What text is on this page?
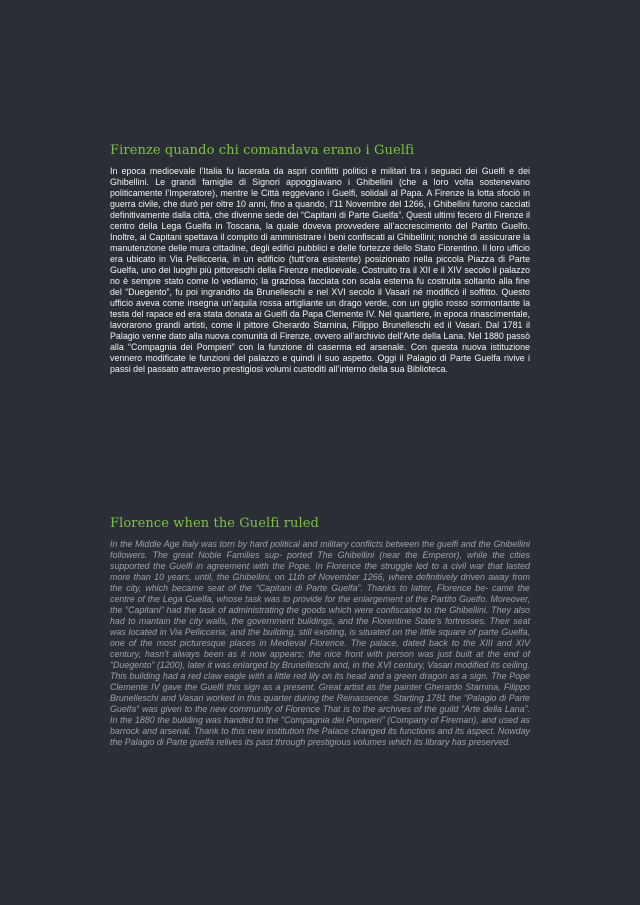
Firenze quando chi comandava erano i Guelfi

In epoca medioevale l’Italia fu lacerata da aspri conflitti politici e militari tra i seguaci dei Guelfi e dei Ghibellini. Le grandi famiglie di Signori appoggiavano i Ghibellini (che a loro volta sostenevano politicamente l’Imperatore), mentre le Città reggevano i Guelfi, solidali al Papa. A Firenze la lotta sfociò in guerra civile, che durò per oltre 10 anni, fino a quando, l’11 Novembre del 1266, i Ghibellini furono cacciati definitivamente dalla città, che divenne sede dei “Capitani di Parte Guelfa”. Questi ultimi fecero di Firenze il centro della Lega Guelfa in Toscana, la quale doveva provvedere all’accrescimento del Partito Guelfo. Inoltre, ai Capitani spettava il compito di amministrare i beni confiscati ai Ghibellini; nonché di assicurare la manutenzione delle mura cittadine, degli edifici pubblici e delle fortezze dello Stato Fiorentino. Il loro ufficio era ubicato in Via Pellicceria, in un edificio (tutt’ora esistente) posizionato nella piccola Piazza di Parte Guelfa, uno dei luoghi più pittoreschi della Firenze medioevale. Costruito tra il XII e il XIV secolo il palazzo no è sempre stato come lo vediamo; la graziosa facciata con scala esterna fu costruita soltanto alla fine del “Duegento”, fu poi ingrandito da Brunelleschi e nel XVI secolo il Vasari né modificò il soffitto. Questo ufficio aveva come insegna un’aquila rossa artigliante un drago verde, con un giglio rosso sormontante la testa del rapace ed era stata donata ai Guelfi da Papa Clemente IV. Nel quartiere, in epoca rinascimentale, lavorarono grandi artisti, come il pittore Gherardo Starnina, Filippo Brunelleschi ed il Vasari. Dal 1781 il Palagio venne dato alla nuova comunità di Firenze, ovvero all’archivio dell’Arte della Lana. Nel 1880 passò alla “Compagnia dei Pompieri” con la funzione di caserma ed arsenale. Con questa nuova istituzione vennero modificate le funzioni del palazzo e quindi il suo aspetto. Oggi il Palagio di Parte Guelfa rivive i passi del passato attraverso prestigiosi volumi custoditi all’interno della sua Biblioteca.

Florence when the Guelfi ruled

In the Middle Age Italy was torn by hard political and military conflicts between the guelfi and the Ghibellini followers. The great Noble Families sup- ported The Ghibellini (near the Emperor), while the cities supported the Guelfi in agreement with the Pope. In Florence the struggle led to a civil war that lasted more than 10 years, until, the Ghibellini, on 11th of November 1266, where definitively driven away from the city, which became seat of the “Capitani di Parte Guelfa”. Thanks to latter, Florence be- came the centre of the Lega Guelfa, whose task was to provide for the enlargement of the Partito Guelfo. Moreover, the “Capitani” had the task of administrating the goods which were confiscated to the Ghibellini. They also had to mantain the city walls, the government buildings, and the Florentine State’s fortresses. Their seat was located in Via Pellicceria; and the building, still existing, is situated on the little square of parte Guelfa, one of the most picturesque places in Medieval Florence. The palace, dated back to the XIII and XIV century, hasn’t always been as it now appears; the nice front with person was just built at the end of “Duegento” (1200), later it was enlarged by Brunelleschi and, in the XVI century, Vasari modified its ceiling. This building had a red claw eagle with a little red lily on its head and a green dragon as a sign. The Pope Clemente IV gave the Guelfi this sign as a present. Great artist as the painter Gherardo Starnina, Filippo Brunelleschi and Vasari worked in this quarter during the Reinassence. Starting 1781 the “Palagio di Parte Guelfa” was given to the new community of Florence That is to the archives of the guild “Arte della Lana”. In the 1880 the building was handed to the “Compagnia dei Pompieri” (Company of Fireman), and used as barrock and arsenal. Thank to this new institution the Palace changed its functions and its aspect. Nowday the Palagio di Parte guelfa relives its past through prestigious volumes which its library has preserved.
